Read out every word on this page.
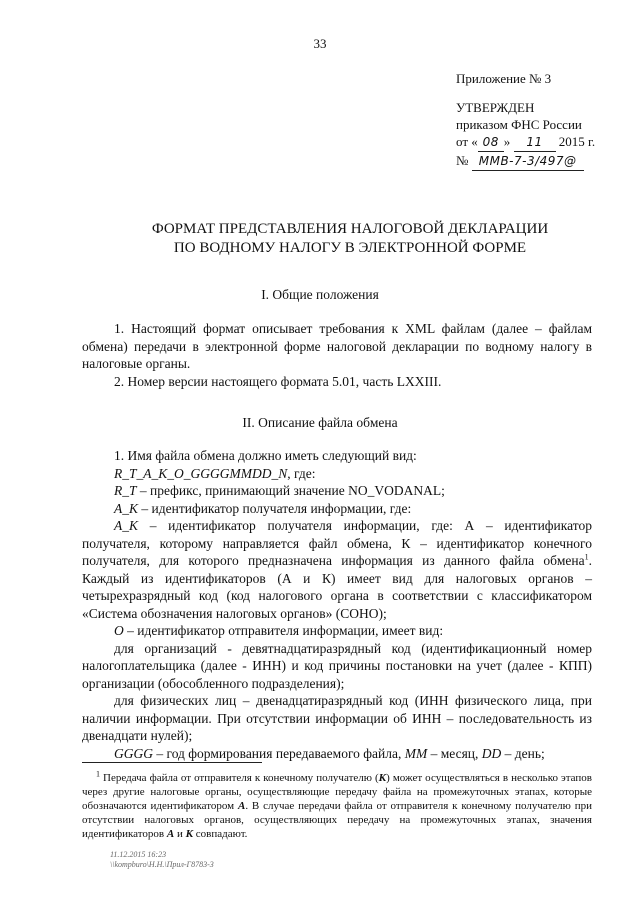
33
Приложение № 3
УТВЕРЖДЕН
приказом ФНС России
от « 08 » 11 2015 г.
№ ММВ-7-3/497@
ФОРМАТ ПРЕДСТАВЛЕНИЯ НАЛОГОВОЙ ДЕКЛАРАЦИИ
ПО ВОДНОМУ НАЛОГУ В ЭЛЕКТРОННОЙ ФОРМЕ
I. Общие положения

1. Настоящий формат описывает требования к XML файлам (далее – файлам обмена) передачи в электронной форме налоговой декларации по водному налогу в налоговые органы.

2. Номер версии настоящего формата 5.01, часть LXXIII.

II. Описание файла обмена

1. Имя файла обмена должно иметь следующий вид:

R_T_A_K_O_GGGGMMDD_N, где:

R_T – префикс, принимающий значение NO_VODANAL;

A_K – идентификатор получателя информации, где:

A_K – идентификатор получателя информации, где: А – идентификатор получателя, которому направляется файл обмена, К – идентификатор конечного получателя, для которого предназначена информация из данного файла обмена$^1$. Каждый из идентификаторов (А и К) имеет вид для налоговых органов – четырехразрядный код (код налогового органа в соответствии с классификатором «Система обозначения налоговых органов» (СОНО);

O – идентификатор отправителя информации, имеет вид:

для организаций - девятнадцатиразрядный код (идентификационный номер налогоплательщика (далее - ИНН) и код причины постановки на учет (далее - КПП) организации (обособленного подразделения);

для физических лиц – двенадцатиразрядный код (ИНН физического лица, при наличии информации. При отсутствии информации об ИНН – последовательность из двенадцати нулей);

GGGG – год формирования передаваемого файла, MM – месяц, DD – день;

$^1$ Передача файла от отправителя к конечному получателю (К) может осуществляться в несколько этапов через другие налоговые органы, осуществляющие передачу файла на промежуточных этапах, которые обозначаются идентификатором А. В случае передачи файла от отправителя к конечному получателю при отсутствии налоговых органов, осуществляющих передачу на промежуточных этапах, значения идентификаторов А и К совпадают.

11.12.2015 16:23
\\kompburo\Н.Н.\Прил-Г8783-3
